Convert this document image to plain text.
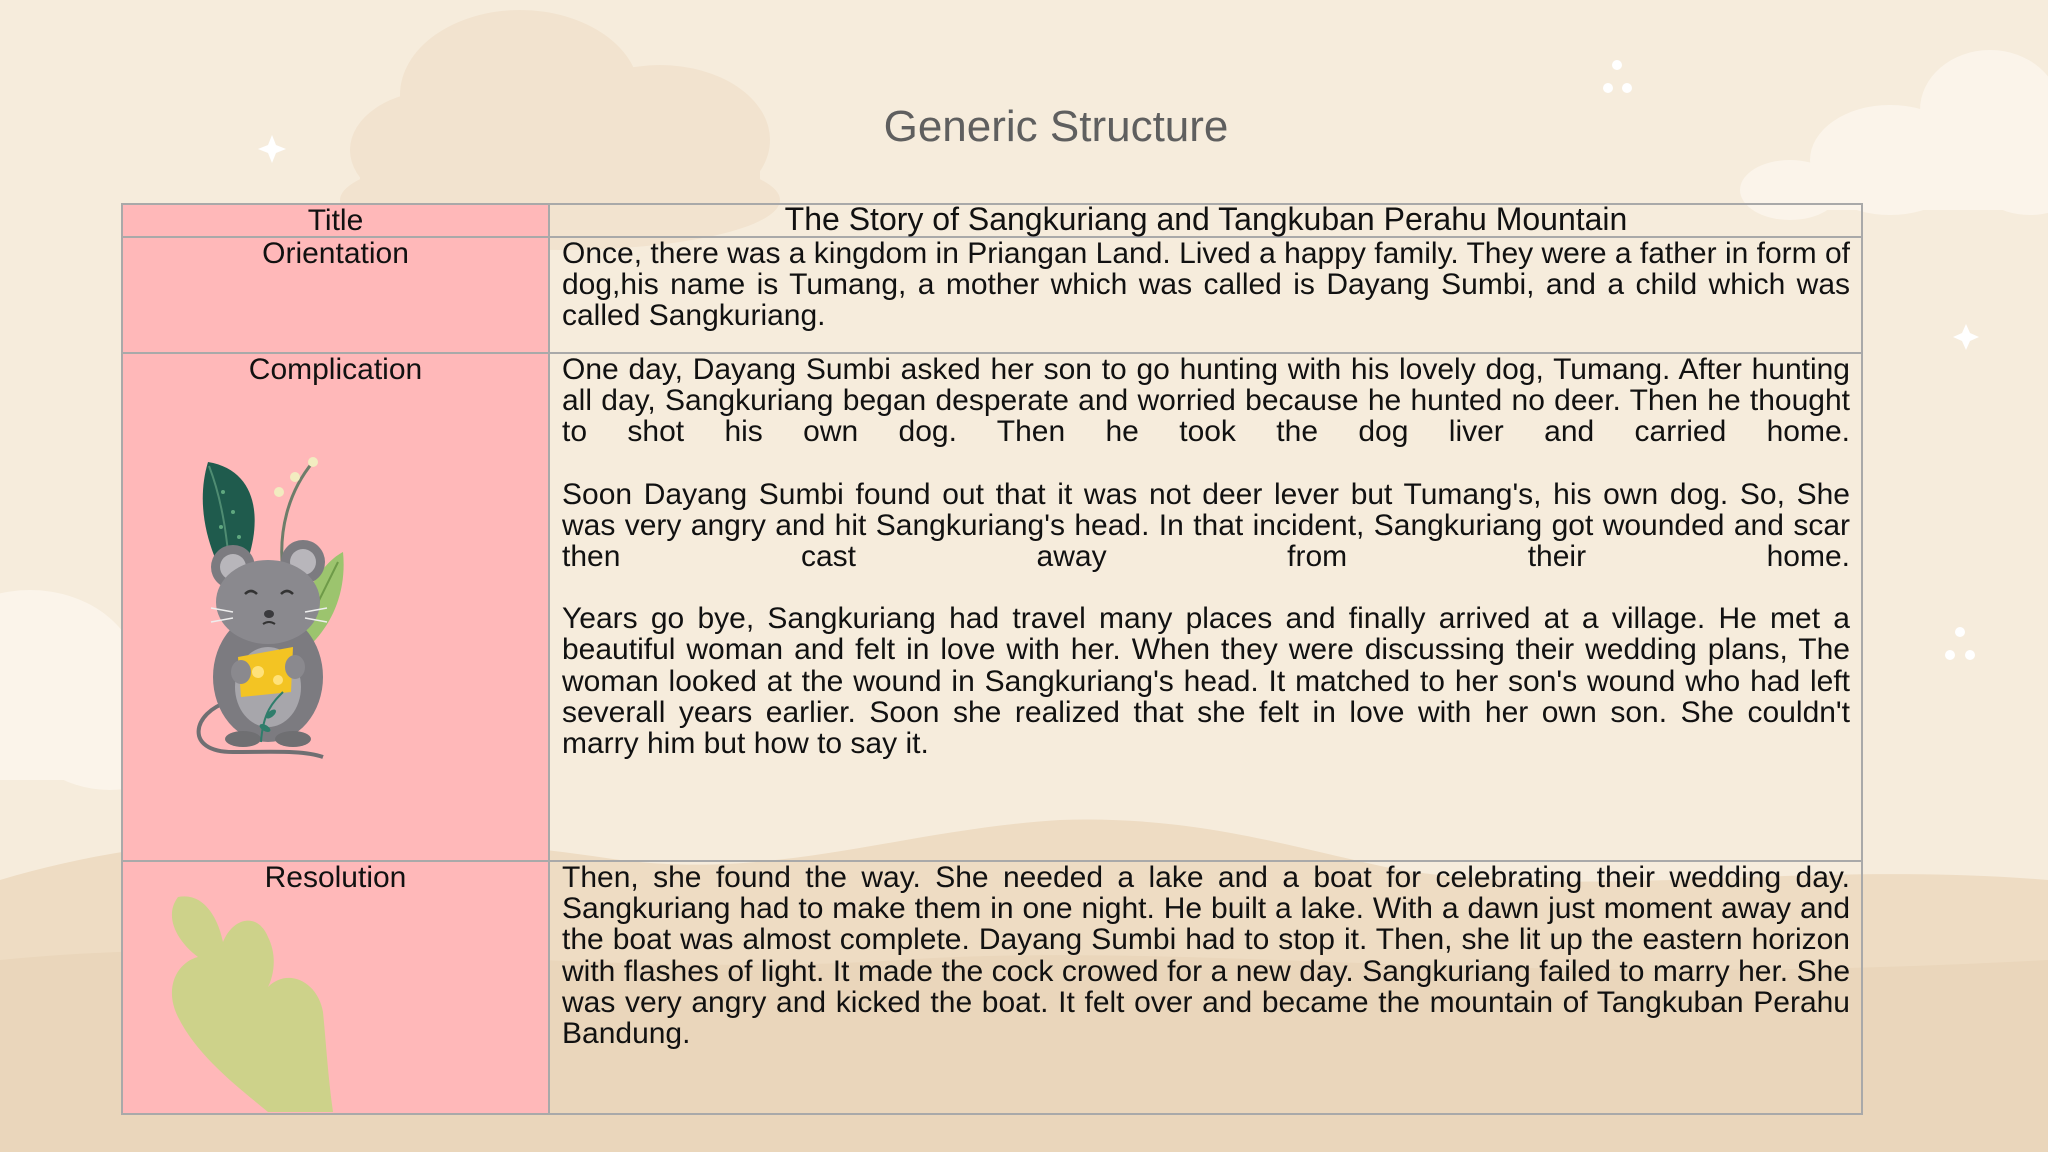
Generic Structure
Title	The Story of Sangkuriang and Tangkuban Perahu Mountain

Orientation	Once, there was a kingdom in Priangan Land. Lived a happy family. They were a father in form of dog,his name is Tumang, a mother which was called is Dayang Sumbi, and a child which was called Sangkuriang.

Complication	One day, Dayang Sumbi asked her son to go hunting with his lovely dog, Tumang. After hunting all day, Sangkuriang began desperate and worried because he hunted no deer. Then he thought to shot his own dog. Then he took the dog liver and carried home.

Soon Dayang Sumbi found out that it was not deer lever but Tumang's, his own dog. So, She was very angry and hit Sangkuriang's head. In that incident, Sangkuriang got wounded and scar then cast away from their home.

Years go bye, Sangkuriang had travel many places and finally arrived at a village. He met a beautiful woman and felt in love with her. When they were discussing their wedding plans, The woman looked at the wound in Sangkuriang's head. It matched to her son's wound who had left severall years earlier. Soon she realized that she felt in love with her own son. She couldn't marry him but how to say it.

Resolution	Then, she found the way. She needed a lake and a boat for celebrating their wedding day. Sangkuriang had to make them in one night. He built a lake. With a dawn just moment away and the boat was almost complete. Dayang Sumbi had to stop it. Then, she lit up the eastern horizon with flashes of light. It made the cock crowed for a new day. Sangkuriang failed to marry her. She was very angry and kicked the boat. It felt over and became the mountain of Tangkuban Perahu Bandung.
